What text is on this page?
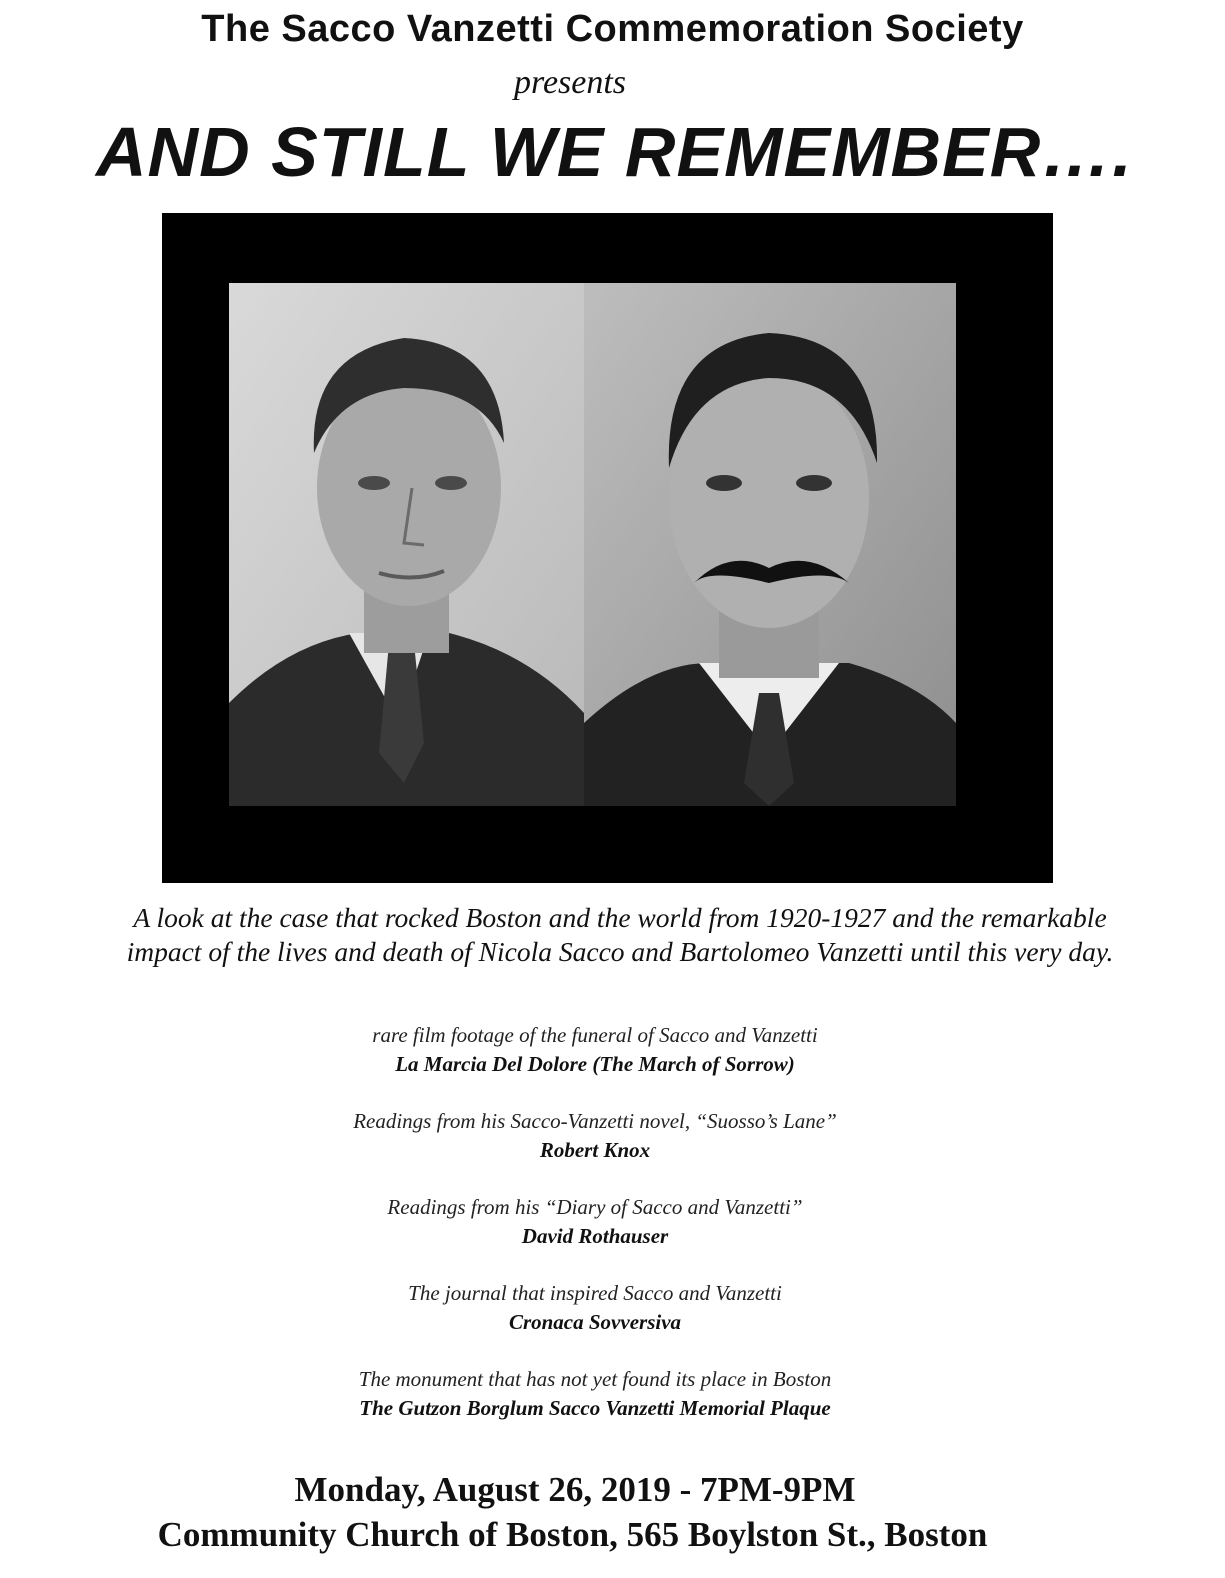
The Sacco Vanzetti Commemoration Society
presents
AND STILL WE REMEMBER….
A look at the case that rocked Boston and the world from 1920-1927 and the remarkable
impact of the lives and death of Nicola Sacco and Bartolomeo Vanzetti until this very day.
rare film footage of the funeral of Sacco and Vanzetti
La Marcia Del Dolore (The March of Sorrow)
Readings from his Sacco-Vanzetti novel, “Suosso’s Lane”
Robert Knox
Readings from his “Diary of Sacco and Vanzetti”
David Rothauser
The journal that inspired Sacco and Vanzetti
Cronaca Sovversiva
The monument that has not yet found its place in Boston
The Gutzon Borglum Sacco Vanzetti Memorial Plaque
Monday, August 26, 2019 - 7PM-9PM
Community Church of Boston, 565 Boylston St., Boston
